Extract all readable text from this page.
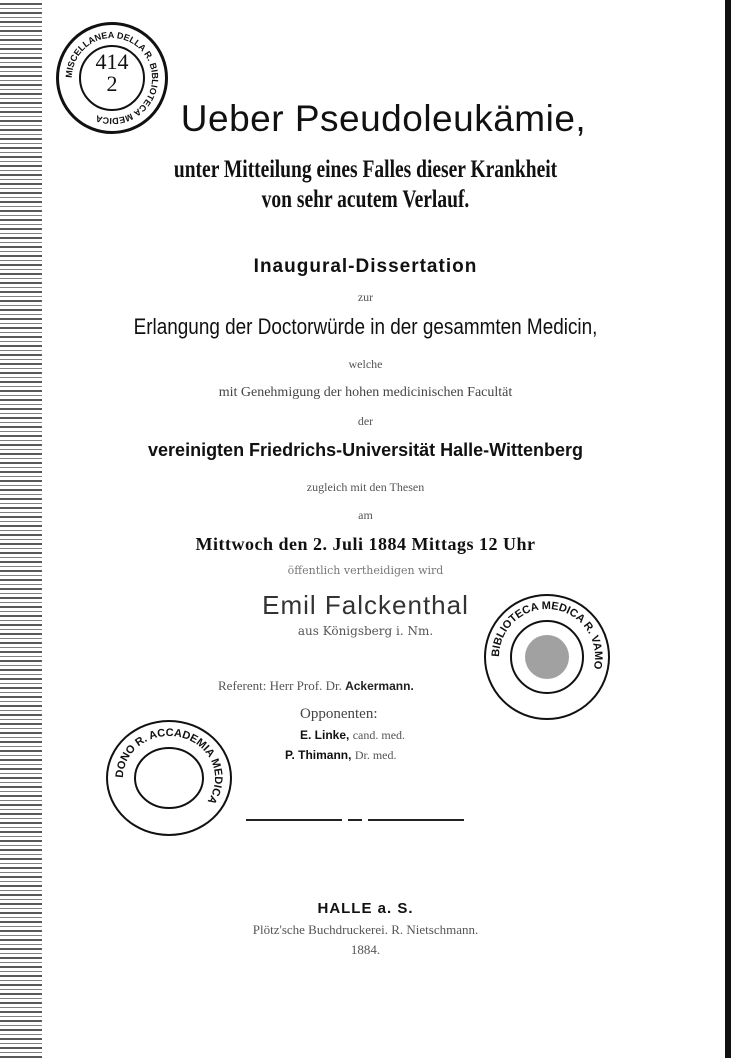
MISCELLANEA DELLA R. BIBLIOTECA MEDICA
414
2
Ueber Pseudoleukämie,
unter Mitteilung eines Falles dieser Krankheit
von sehr acutem Verlauf.
Inaugural-Dissertation
zur
Erlangung der Doctorwürde in der gesammten Medicin,
welche
mit Genehmigung der hohen medicinischen Facultät
der
vereinigten Friedrichs-Universität Halle-Wittenberg
zugleich mit den Thesen
am
Mittwoch den 2. Juli 1884 Mittags 12 Uhr
öffentlich vertheidigen wird
Emil Falckenthal
aus Königsberg i. Nm.
Referent: Herr Prof. Dr. Ackermann.
Opponenten:
E. Linke, cand. med.
P. Thimann, Dr. med.
BIBLIOTECA MEDICA R. VAMO
DONO R. ACCADEMIA MEDICA
HALLE a. S.
Plötz'sche Buchdruckerei. R. Nietschmann.
1884.
